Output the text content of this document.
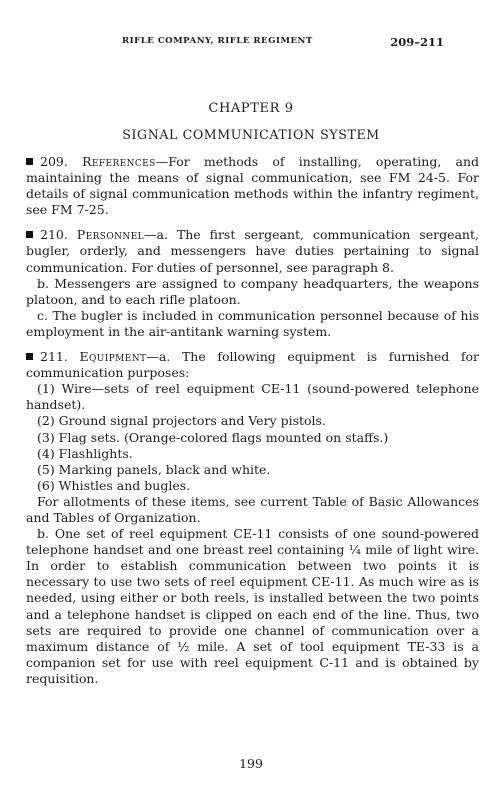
RIFLE COMPANY, RIFLE REGIMENT	209–211
CHAPTER 9
SIGNAL COMMUNICATION SYSTEM

209. References—For methods of installing, operating, and maintaining the means of signal communication, see FM 24-5. For details of signal communication methods within the infantry regiment, see FM 7-25.

210. Personnel—a. The first sergeant, communication sergeant, bugler, orderly, and messengers have duties pertaining to signal communication. For duties of personnel, see paragraph 8.

b. Messengers are assigned to company headquarters, the weapons platoon, and to each rifle platoon.

c. The bugler is included in communication personnel because of his employment in the air-antitank warning system.

211. Equipment—a. The following equipment is furnished for communication purposes:

(1) Wire—sets of reel equipment CE-11 (sound-powered telephone handset).

(2) Ground signal projectors and Very pistols.

(3) Flag sets. (Orange-colored flags mounted on staffs.)

(4) Flashlights.

(5) Marking panels, black and white.

(6) Whistles and bugles.

For allotments of these items, see current Table of Basic Allowances and Tables of Organization.

b. One set of reel equipment CE-11 consists of one sound-powered telephone handset and one breast reel containing ¼ mile of light wire. In order to establish communication between two points it is necessary to use two sets of reel equipment CE-11. As much wire as is needed, using either or both reels, is installed between the two points and a telephone handset is clipped on each end of the line. Thus, two sets are required to provide one channel of communication over a maximum distance of ½ mile. A set of tool equipment TE-33 is a companion set for use with reel equipment C-11 and is obtained by requisition.

199
